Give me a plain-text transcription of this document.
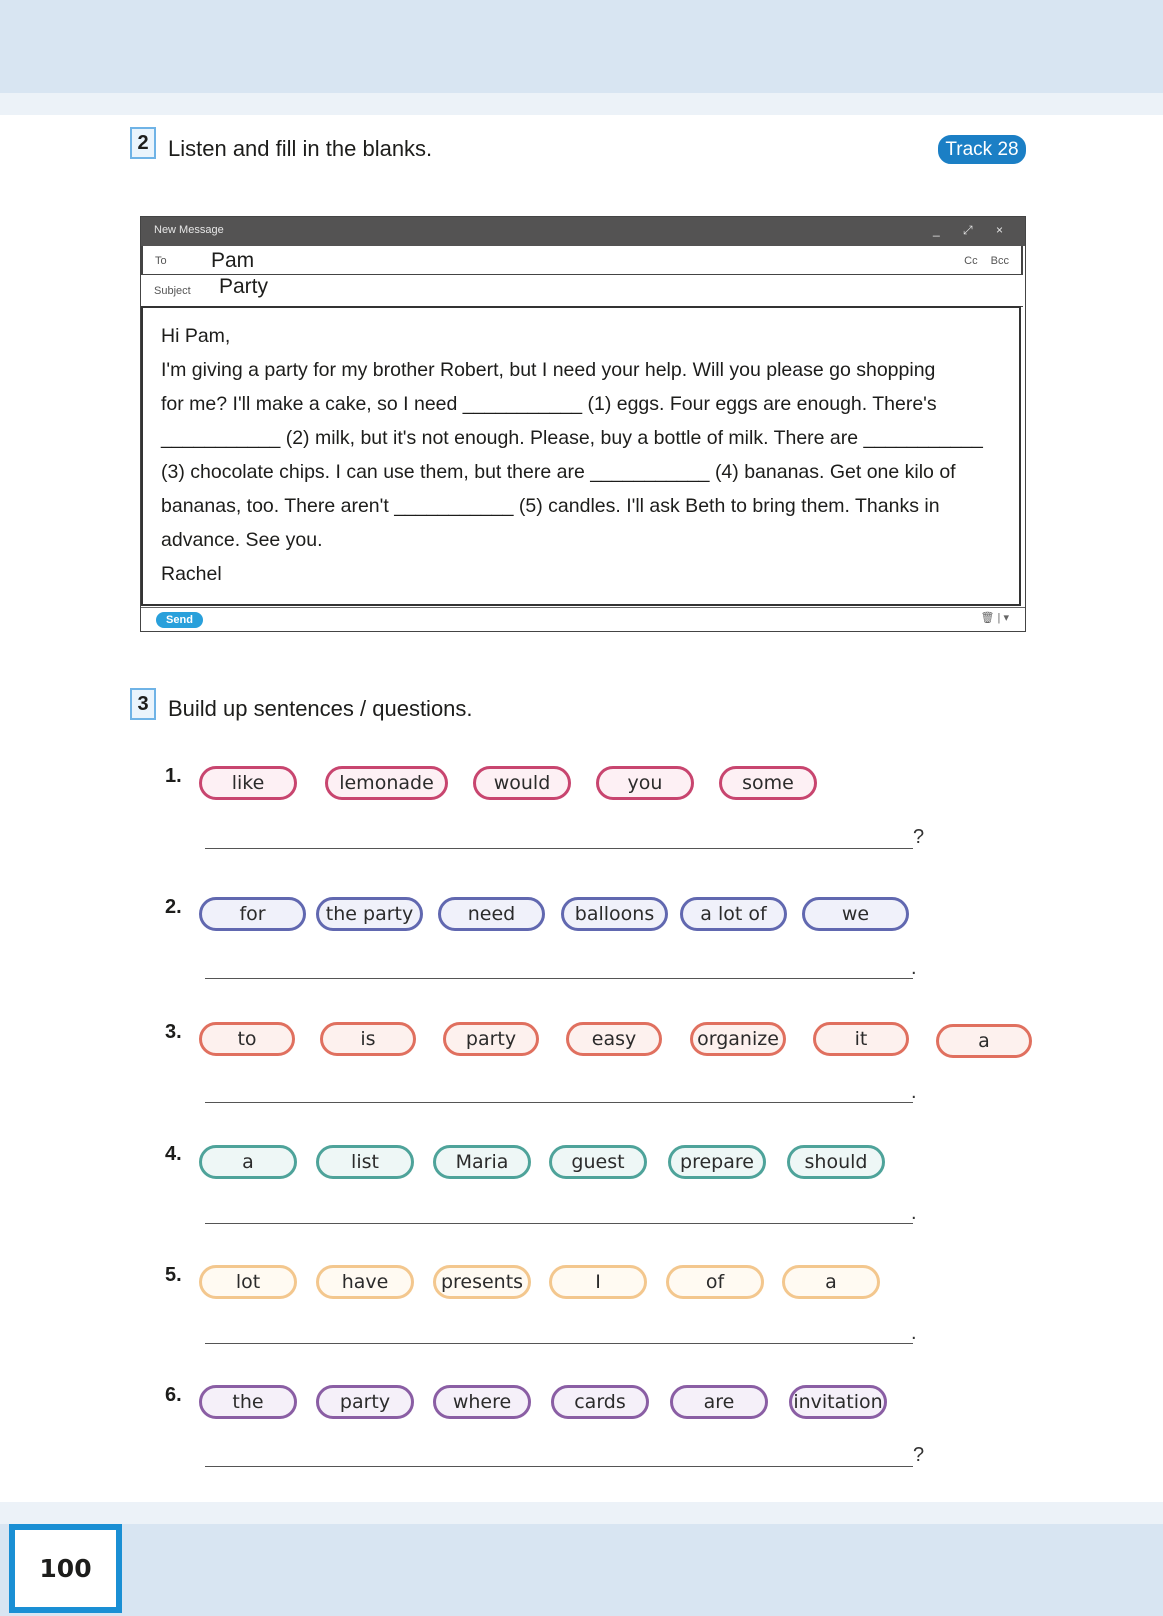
2 Listen and fill in the blanks.	Track 28
New Message	_ ⤢ ×
To Pam	Cc Bcc
Subject Party
Hi Pam,
I'm giving a party for my brother Robert, but I need your help. Will you please go shopping
for me? I'll make a cake, so I need ___________ (1) eggs. Four eggs are enough. There's
___________ (2) milk, but it's not enough. Please, buy a bottle of milk. There are ___________
(3) chocolate chips. I can use them, but there are ___________ (4) bananas. Get one kilo of
bananas, too. There aren't ___________ (5) candles. I'll ask Beth to bring them. Thanks in
advance. See you.
Rachel
Send	🗑 | ▾
3 Build up sentences / questions.
1.	like	lemonade	would	you	some
?
2.	for	the party	need	balloons	a lot of	we
.
3.	to	is	party	easy	organize	it	a
.
4.	a	list	Maria	guest	prepare	should
.
5.	lot	have	presents	I	of	a
.
6.	the	party	where	cards	are	invitation
?
100
